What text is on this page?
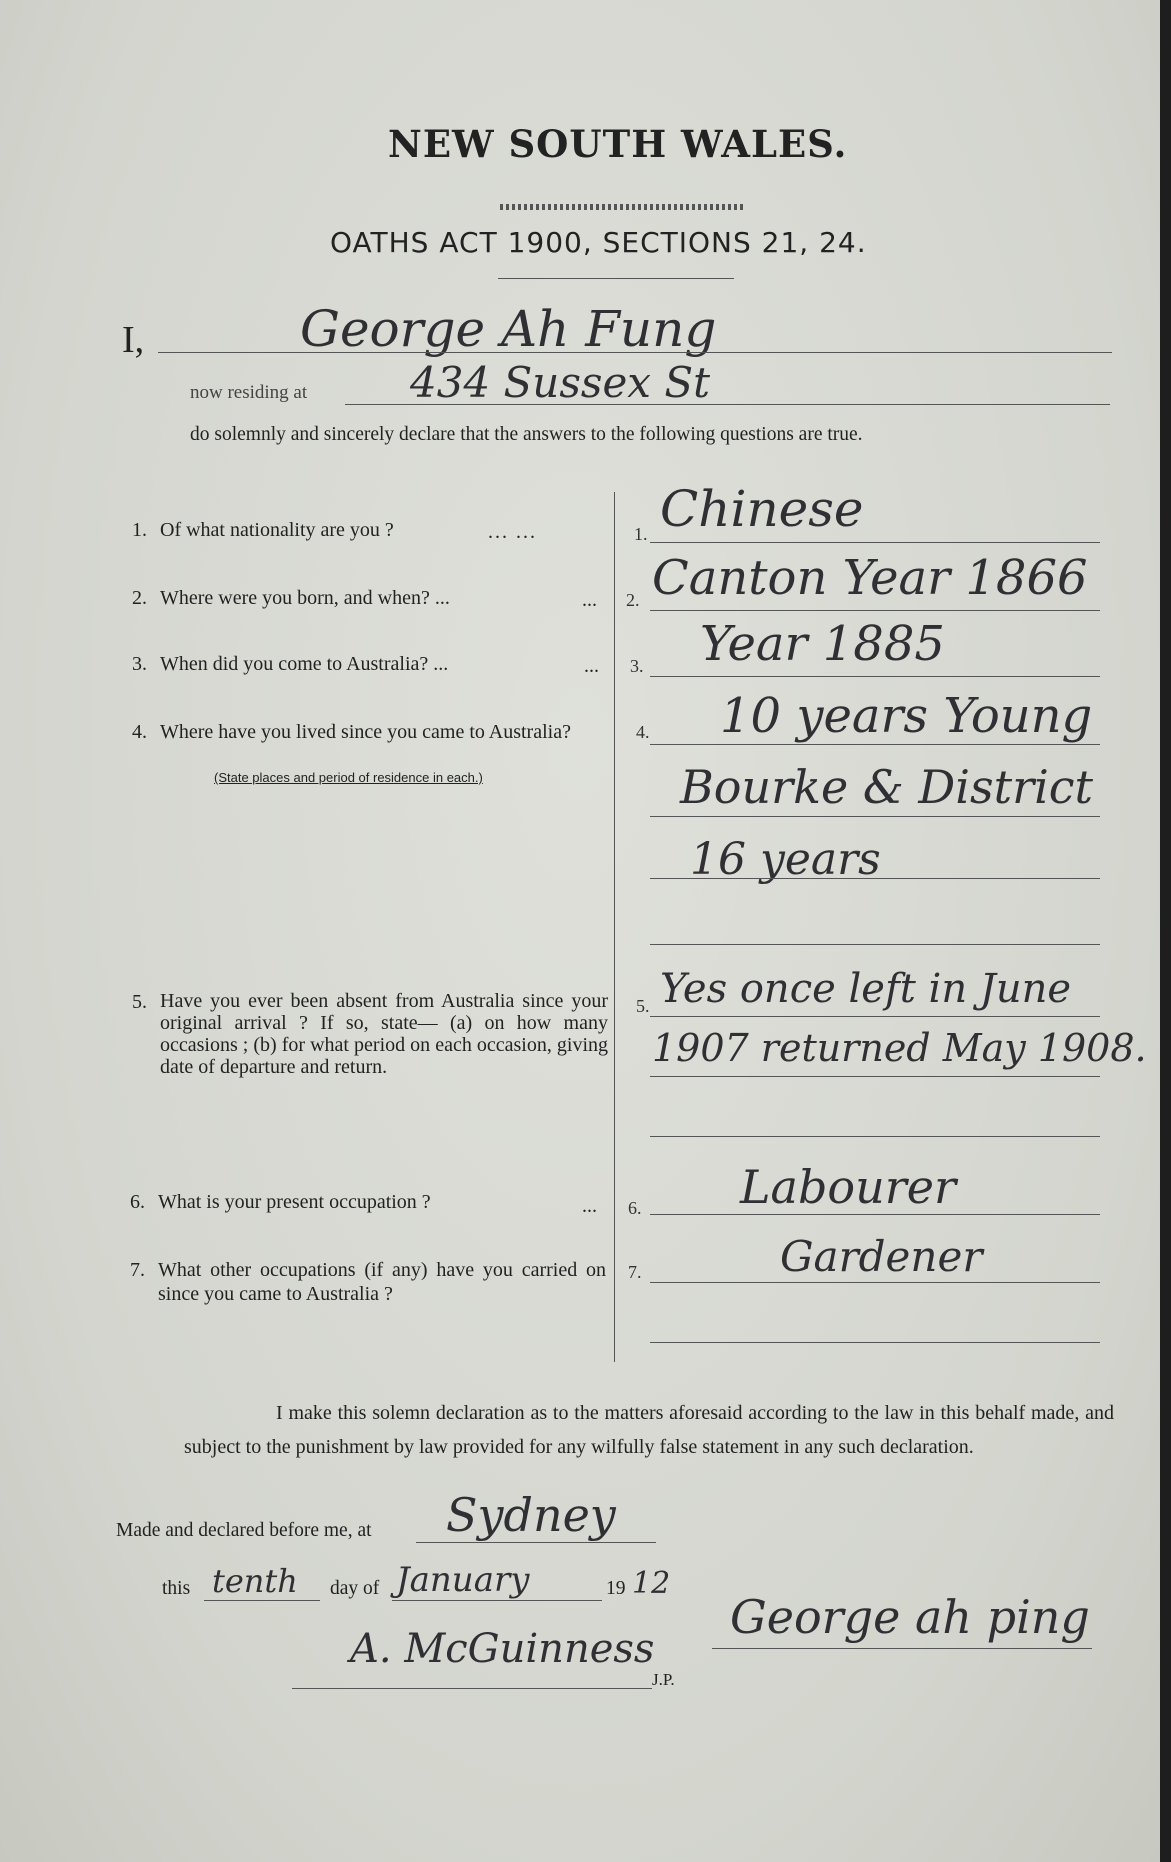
NEW SOUTH WALES.
OATHS ACT 1900, SECTIONS 21, 24.
I,	George Ah Fung
now residing at 434 Sussex St
do solemnly and sincerely declare that the answers to the following questions are true.
1. Of what nationality are you ?	... ...	1. Chinese
2. Where were you born, and when? ...	... 2. Canton Year 1866
3. When did you come to Australia? ...	... 3. Year 1885
4. Where have you lived since you came to Australia?
(State places and period of residence in each.)
4. 10 years Young
Bourke & District
16 years
5. Have you ever been absent from Australia since your original arrival ? If so, state— (a) on how many occasions ; (b) for what period on each occasion, giving date of departure and return.
5. Yes once left in June
1907 returned May 1908.
6. What is your present occupation ?	... 6. Labourer
7. What other occupations (if any) have you carried on since you came to Australia ?
7.	Gardener
I make this solemn declaration as to the matters aforesaid according to the law in this behalf made, and subject to the punishment by law provided for any wilfully false statement in any such declaration.
Made and declared before me, at Sydney
this tenth day of January	19 12
A. McGuinness
J.P.
George ah ping
